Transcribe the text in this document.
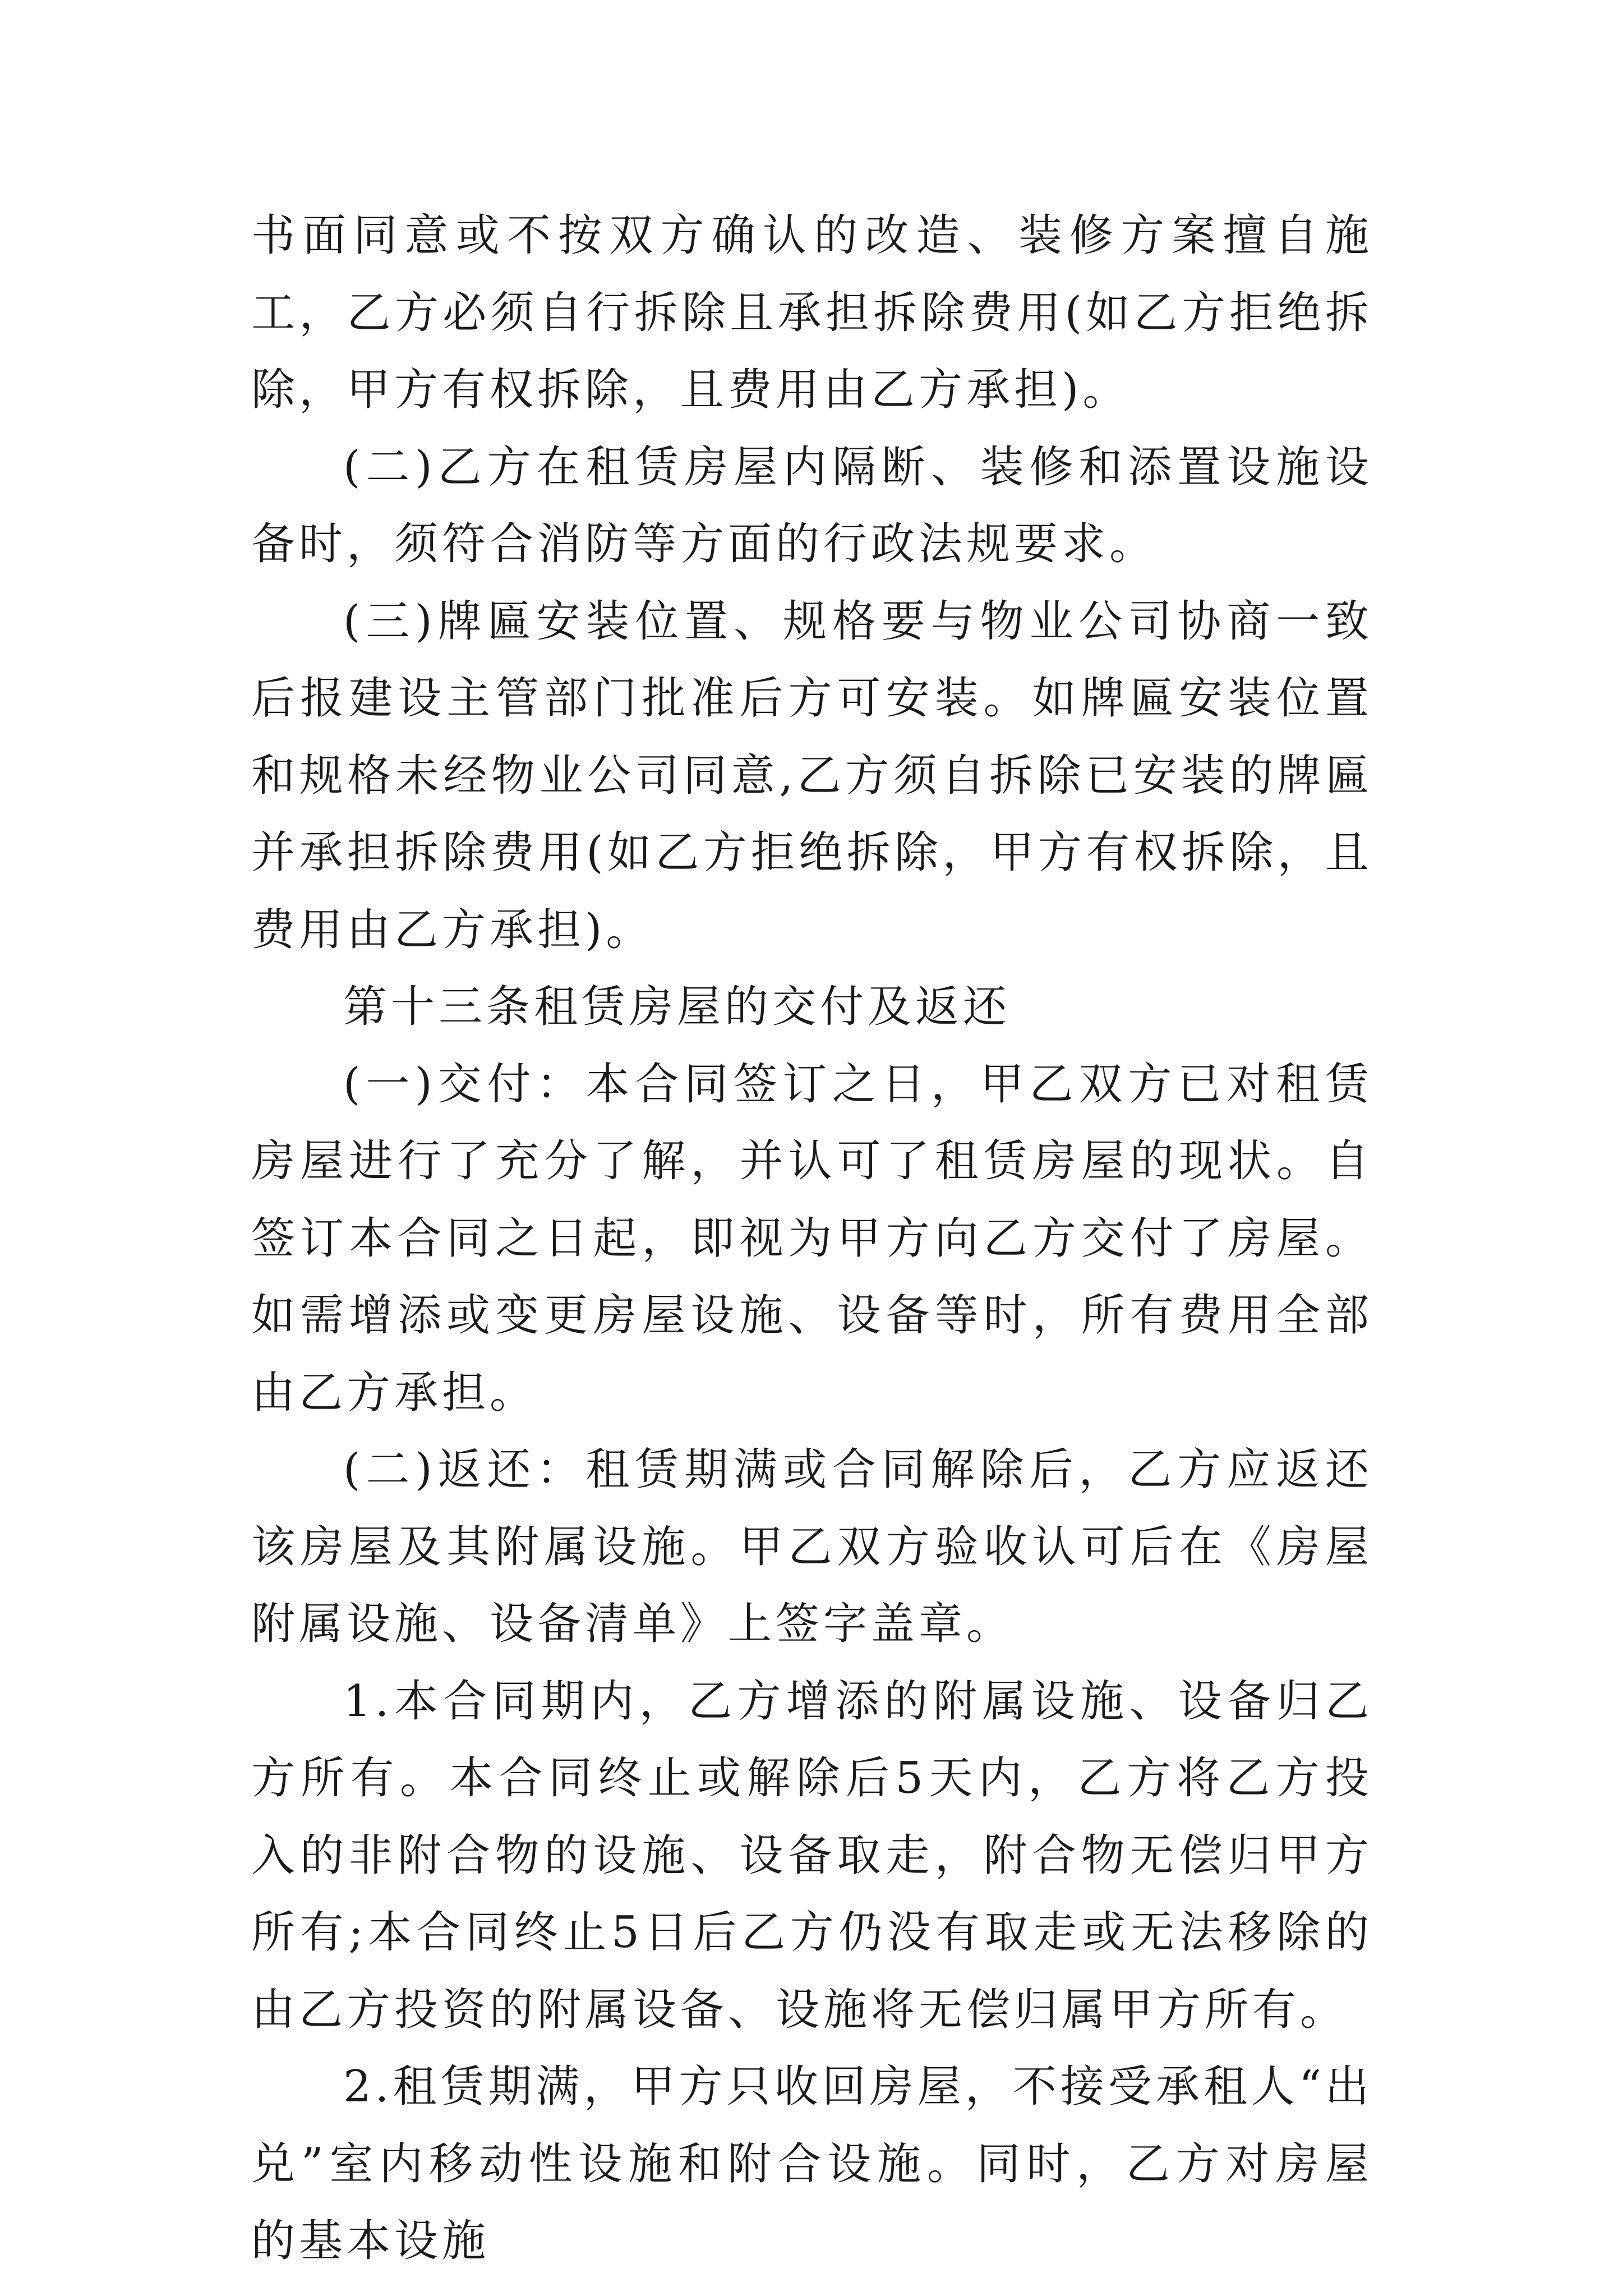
书面同意或不按双方确认的改造、装修方案擅自施工，乙方必须自行拆除且承担拆除费用(如乙方拒绝拆除，甲方有权拆除，且费用由乙方承担)。

(二)乙方在租赁房屋内隔断、装修和添置设施设备时，须符合消防等方面的行政法规要求。

(三)牌匾安装位置、规格要与物业公司协商一致后报建设主管部门批准后方可安装。如牌匾安装位置和规格未经物业公司同意,乙方须自拆除已安装的牌匾并承担拆除费用(如乙方拒绝拆除，甲方有权拆除，且费用由乙方承担)。

第十三条租赁房屋的交付及返还

(一)交付：本合同签订之日，甲乙双方已对租赁房屋进行了充分了解，并认可了租赁房屋的现状。自签订本合同之日起，即视为甲方向乙方交付了房屋。如需增添或变更房屋设施、设备等时，所有费用全部由乙方承担。

(二)返还：租赁期满或合同解除后，乙方应返还该房屋及其附属设施。甲乙双方验收认可后在《房屋附属设施、设备清单》上签字盖章。

1.本合同期内，乙方增添的附属设施、设备归乙方所有。本合同终止或解除后5天内，乙方将乙方投入的非附合物的设施、设备取走，附合物无偿归甲方所有;本合同终止5日后乙方仍没有取走或无法移除的由乙方投资的附属设备、设施将无偿归属甲方所有。

2.租赁期满，甲方只收回房屋，不接受承租人“出兑”室内移动性设施和附合设施。同时，乙方对房屋的基本设施
